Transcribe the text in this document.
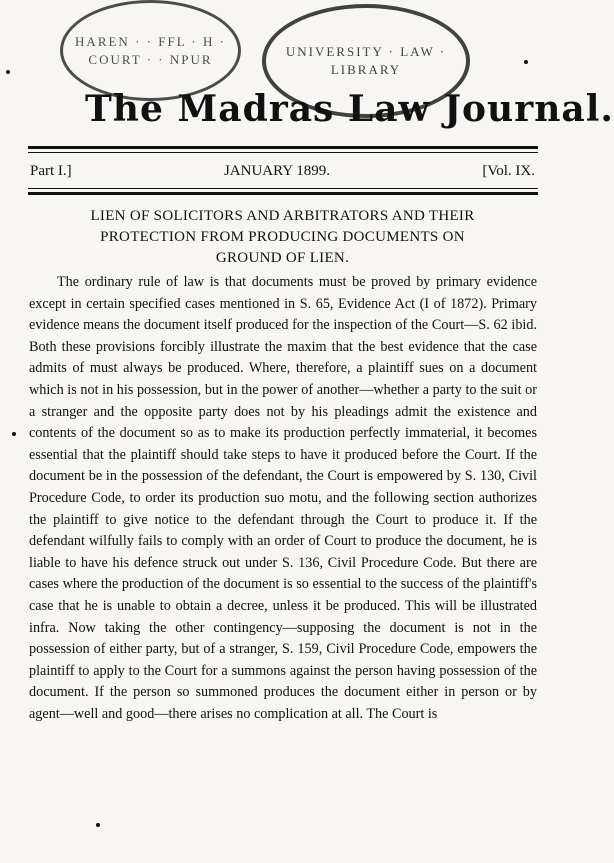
HAREN · · FFL · H · COURT · · NPUR	UNIVERSITY · LAW · LIBRARY
The Madras Law Journal.
Part I.]	JANUARY 1899.	[Vol. IX.
LIEN OF SOLICITORS AND ARBITRATORS AND THEIR
PROTECTION FROM PRODUCING DOCUMENTS ON
GROUND OF LIEN.

The ordinary rule of law is that documents must be proved by primary evidence except in certain specified cases mentioned in S. 65, Evidence Act (I of 1872). Primary evidence means the document itself produced for the inspection of the Court—S. 62 ibid. Both these provisions forcibly illustrate the maxim that the best evidence that the case admits of must always be produced. Where, therefore, a plaintiff sues on a document which is not in his possession, but in the power of another—whether a party to the suit or a stranger and the opposite party does not by his pleadings admit the existence and contents of the document so as to make its production perfectly immaterial, it becomes essential that the plaintiff should take steps to have it produced before the Court. If the document be in the possession of the defendant, the Court is empowered by S. 130, Civil Procedure Code, to order its production suo motu, and the following section authorizes the plaintiff to give notice to the defendant through the Court to produce it. If the defendant wilfully fails to comply with an order of Court to produce the document, he is liable to have his defence struck out under S. 136, Civil Procedure Code. But there are cases where the production of the document is so essential to the success of the plaintiff's case that he is unable to obtain a decree, unless it be produced. This will be illustrated infra. Now taking the other contingency—supposing the document is not in the possession of either party, but of a stranger, S. 159, Civil Procedure Code, empowers the plaintiff to apply to the Court for a summons against the person having possession of the document. If the person so summoned produces the document either in person or by agent—well and good—there arises no complication at all. The Court is
